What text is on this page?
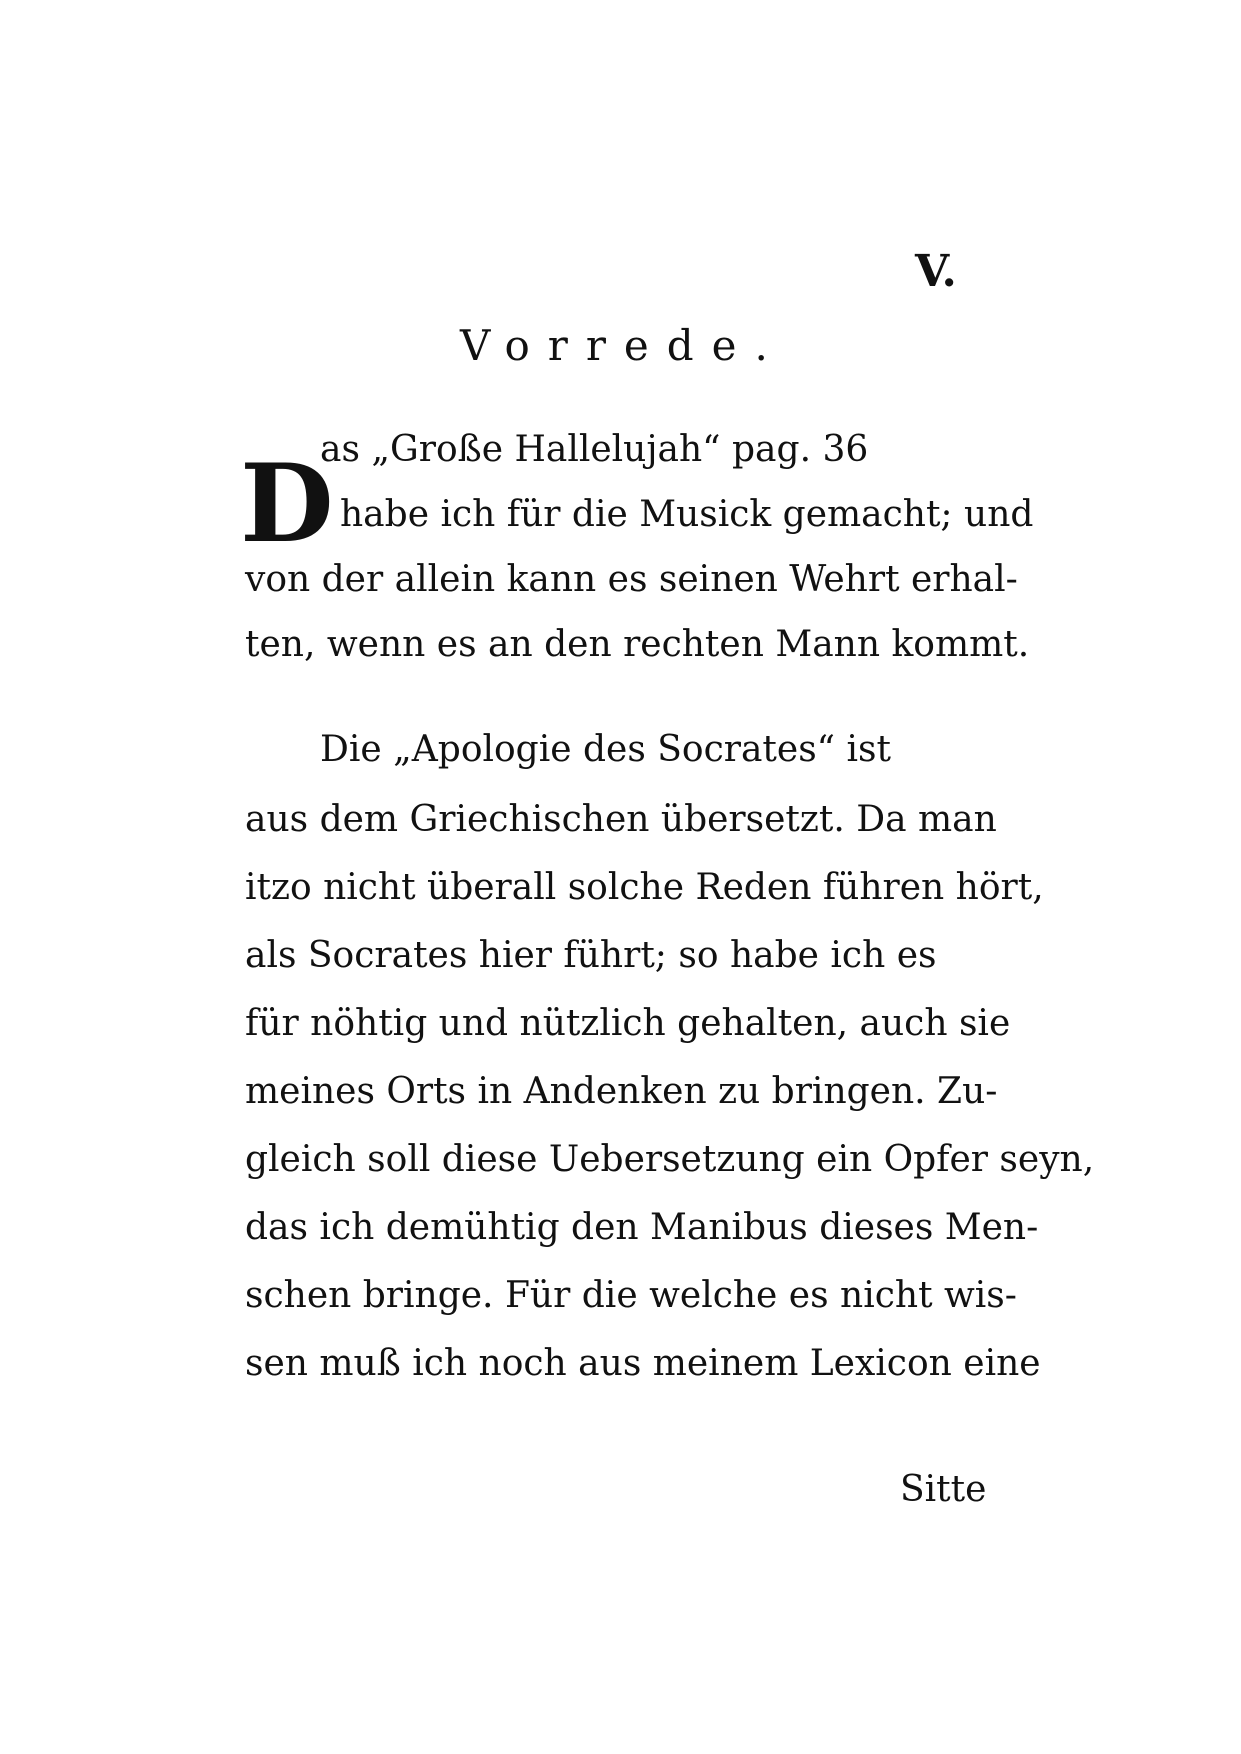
V.
Vorrede.
D
as „Große Hallelujah“ pag. 36
habe ich für die Musick gemacht; und
von der allein kann es seinen Wehrt erhal-
ten, wenn es an den rechten Mann kommt.
Die „Apologie des Socrates“ ist
aus dem Griechischen übersetzt. Da man
itzo nicht überall solche Reden führen hört,
als Socrates hier führt; so habe ich es
für nöhtig und nützlich gehalten, auch sie
meines Orts in Andenken zu bringen. Zu-
gleich soll diese Uebersetzung ein Opfer seyn,
das ich demühtig den Manibus dieses Men-
schen bringe. Für die welche es nicht wis-
sen muß ich noch aus meinem Lexicon eine
Sitte
